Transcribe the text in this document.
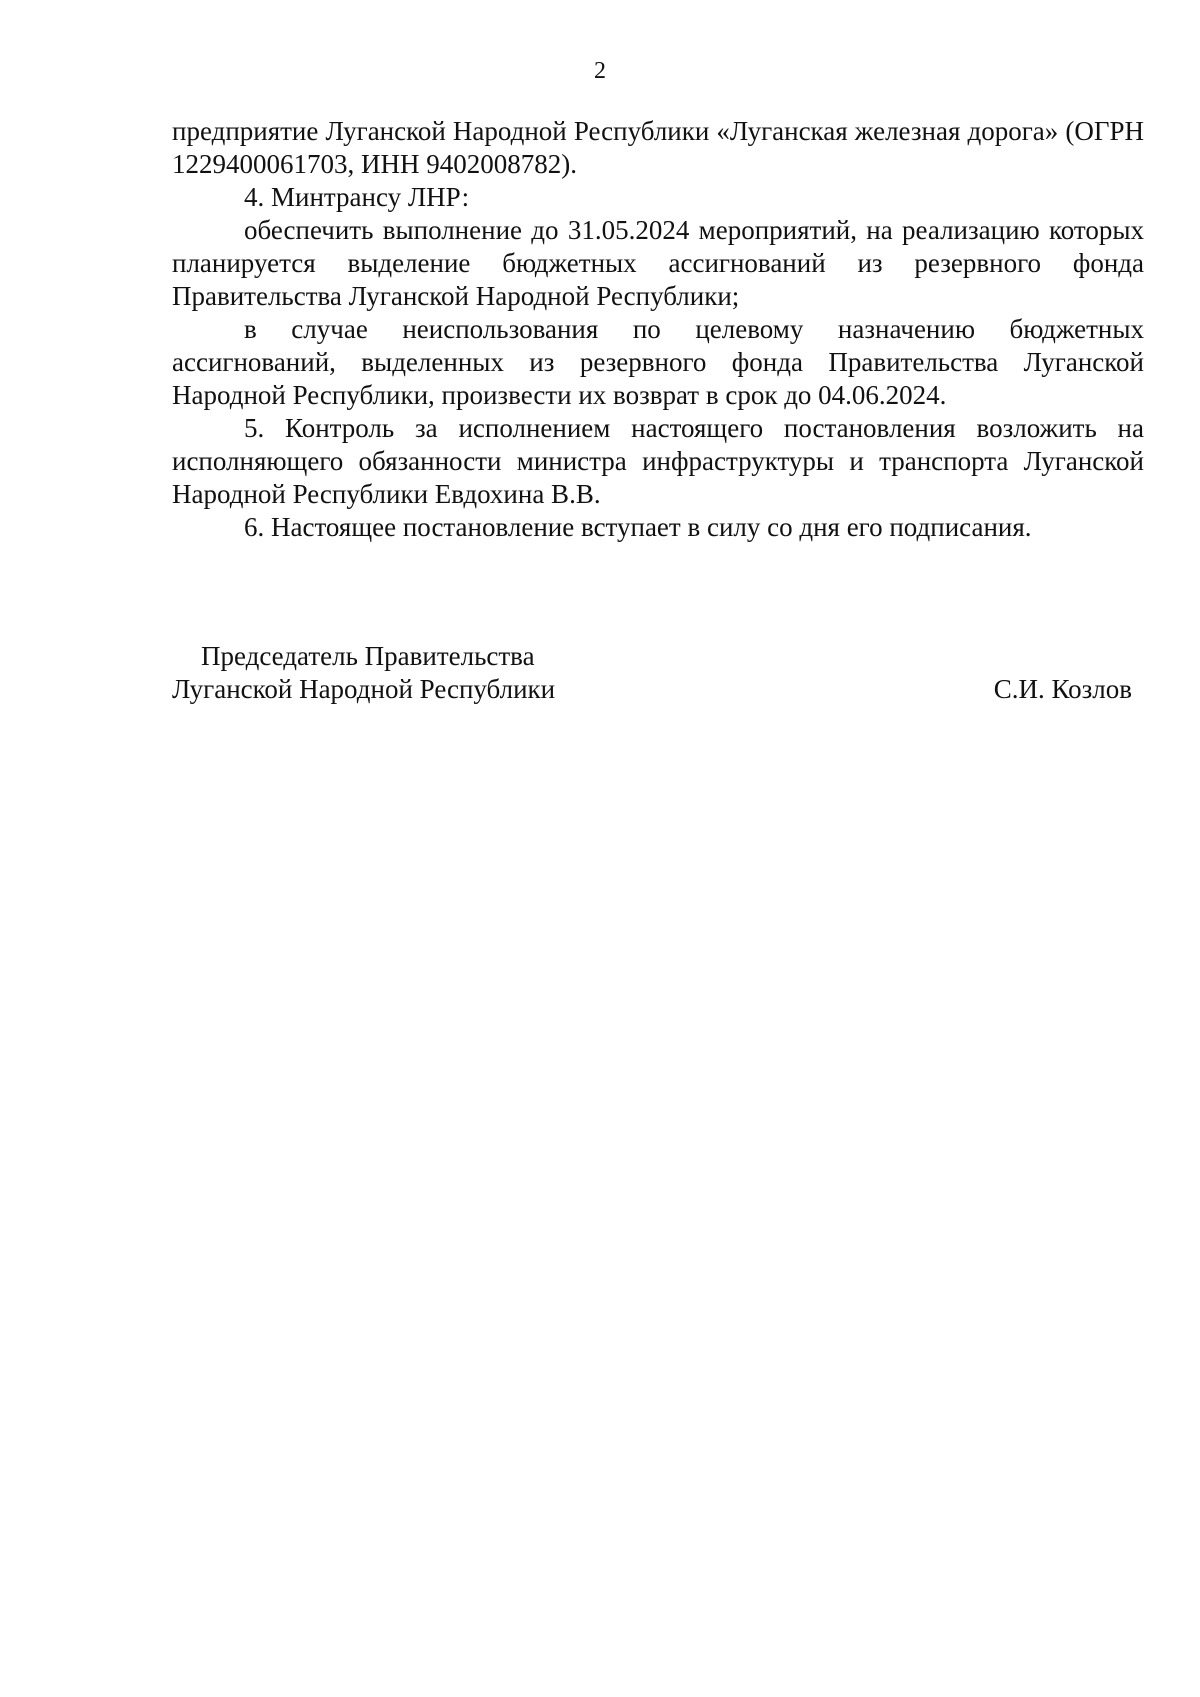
2

предприятие Луганской Народной Республики «Луганская железная дорога» (ОГРН 1229400061703, ИНН 9402008782).

4. Минтрансу ЛНР:

обеспечить выполнение до 31.05.2024 мероприятий, на реализацию которых планируется выделение бюджетных ассигнований из резервного фонда Правительства Луганской Народной Республики;

в случае неиспользования по целевому назначению бюджетных ассигнований, выделенных из резервного фонда Правительства Луганской Народной Республики, произвести их возврат в срок до 04.06.2024.

5. Контроль за исполнением настоящего постановления возложить на исполняющего обязанности министра инфраструктуры и транспорта Луганской Народной Республики Евдохина В.В.

6. Настоящее постановление вступает в силу со дня его подписания.

Председатель Правительства
Луганской Народной Республики	С.И. Козлов
